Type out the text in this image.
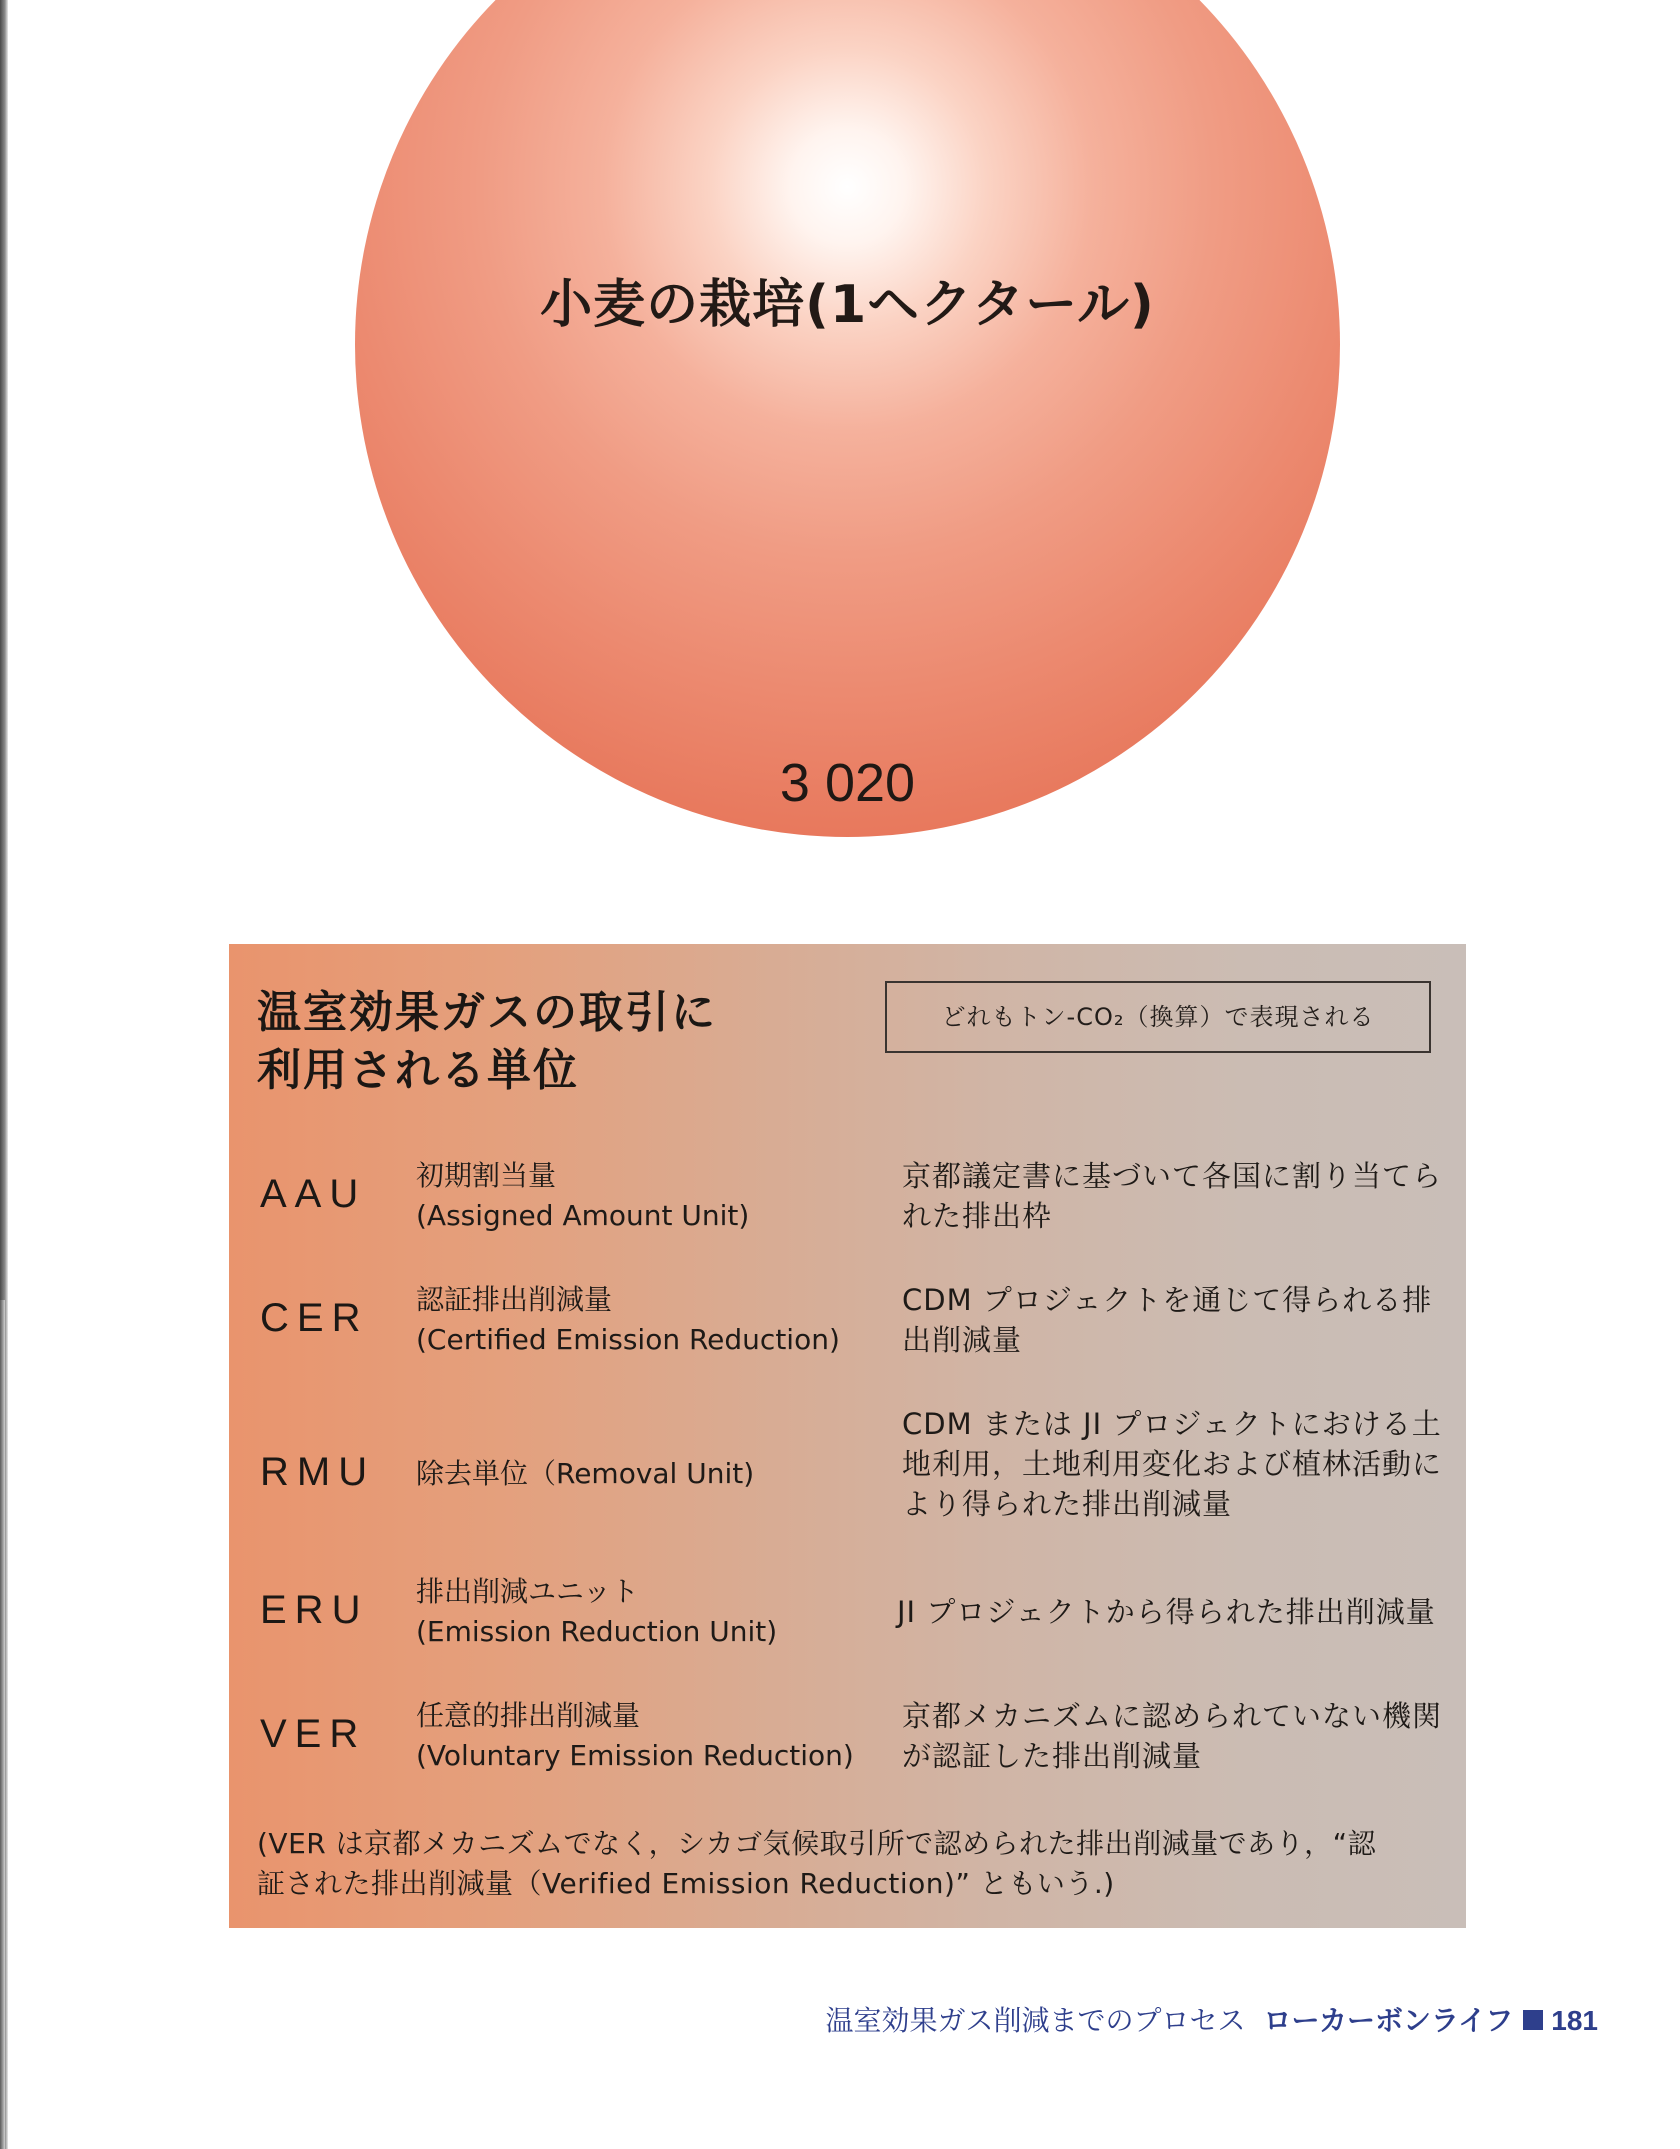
小麦の栽培(1ヘクタール)
3 020
温室効果ガスの取引に
利用される単位
どれもトン-CO₂（換算）で表現される
AAU 初期割当量
(Assigned Amount Unit)
京都議定書に基づいて各国に割り当てら
れた排出枠
CER 認証排出削減量
(Certified Emission Reduction)
CDM プロジェクトを通じて得られる排
出削減量
RMU 除去単位（Removal Unit)
CDM または JI プロジェクトにおける土
地利用，土地利用変化および植林活動に
より得られた排出削減量
ERU 排出削減ユニット
(Emission Reduction Unit)
JI プロジェクトから得られた排出削減量
VER 任意的排出削減量
(Voluntary Emission Reduction)
京都メカニズムに認められていない機関
が認証した排出削減量
(VER は京都メカニズムでなく，シカゴ気候取引所で認められた排出削減量であり，“認
証された排出削減量（Verified Emission Reduction)” ともいう.)
温室効果ガス削減までのプロセス ローカーボンライフ 181
